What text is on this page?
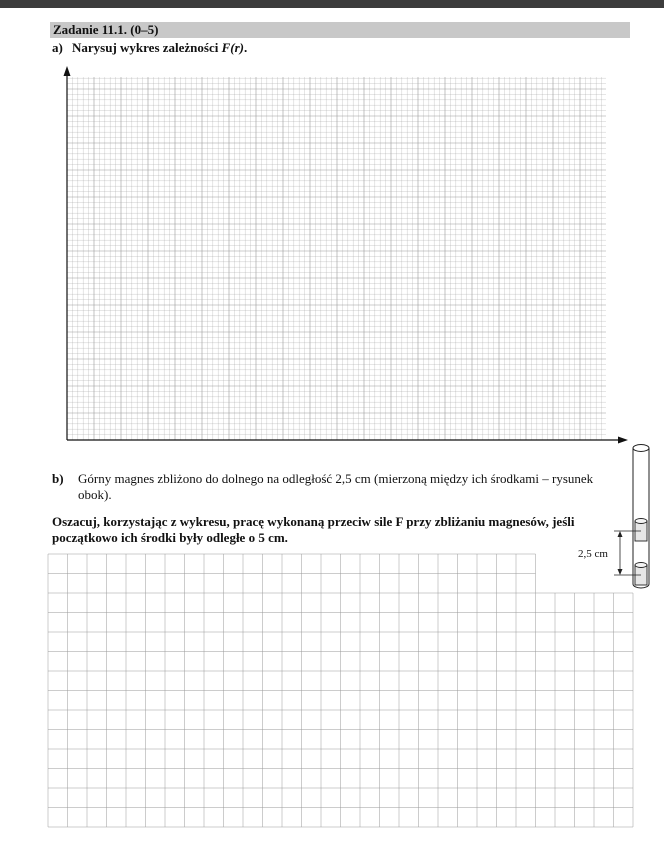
Zadanie 11.1. (0–5)
a) Narysuj wykres zależności F(r).
b) Górny magnes zbliżono do dolnego na odległość 2,5 cm (mierzoną między ich środkami – rysunek obok).
Oszacuj, korzystając z wykresu, pracę wykonaną przeciw sile F przy zbliżaniu magnesów, jeśli początkowo ich środki były odległe o 5 cm.
2,5 cm
